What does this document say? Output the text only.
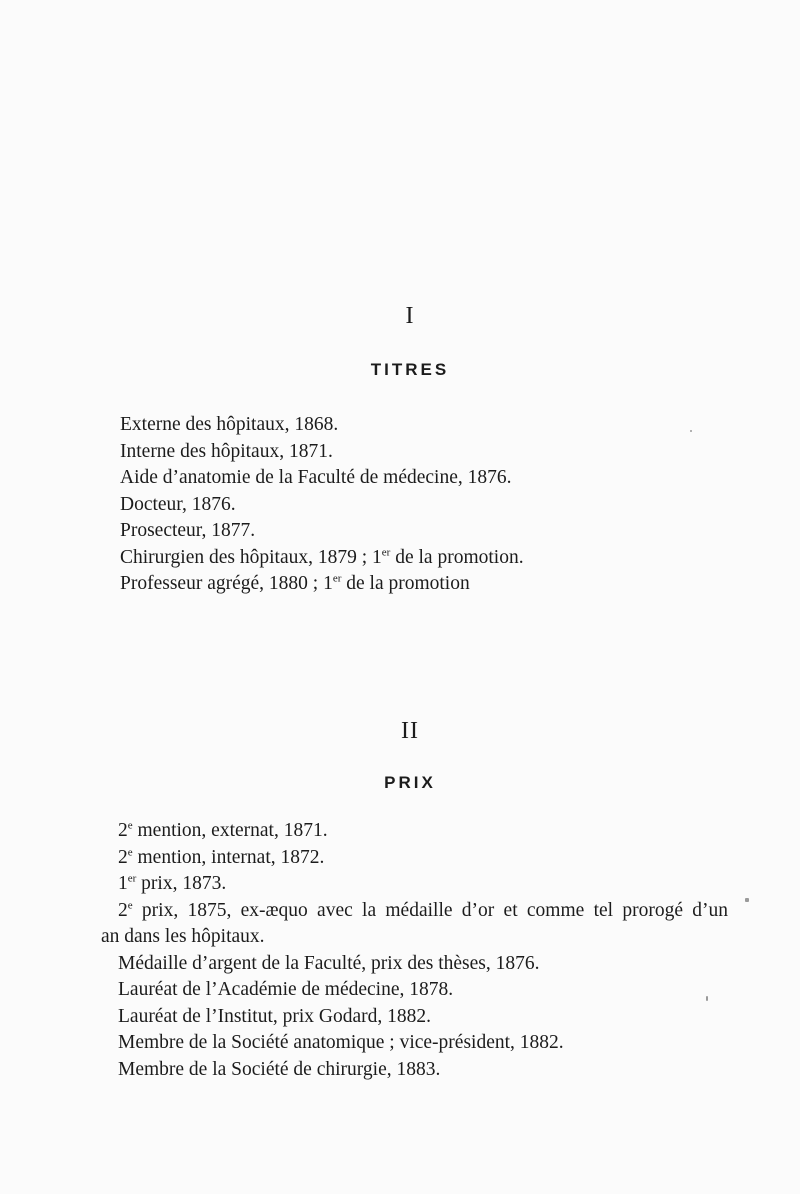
I
TITRES
Externe des hôpitaux, 1868.
Interne des hôpitaux, 1871.
Aide d’anatomie de la Faculté de médecine, 1876.
Docteur, 1876.
Prosecteur, 1877.
Chirurgien des hôpitaux, 1879 ; 1er de la promotion.
Professeur agrégé, 1880 ; 1er de la promotion
II
PRIX
2e mention, externat, 1871.
2e mention, internat, 1872.
1er prix, 1873.
2e prix, 1875, ex-æquo avec la médaille d’or et comme tel prorogé d’un
an dans les hôpitaux.
Médaille d’argent de la Faculté, prix des thèses, 1876.
Lauréat de l’Académie de médecine, 1878.
Lauréat de l’Institut, prix Godard, 1882.
Membre de la Société anatomique ; vice-président, 1882.
Membre de la Société de chirurgie, 1883.
